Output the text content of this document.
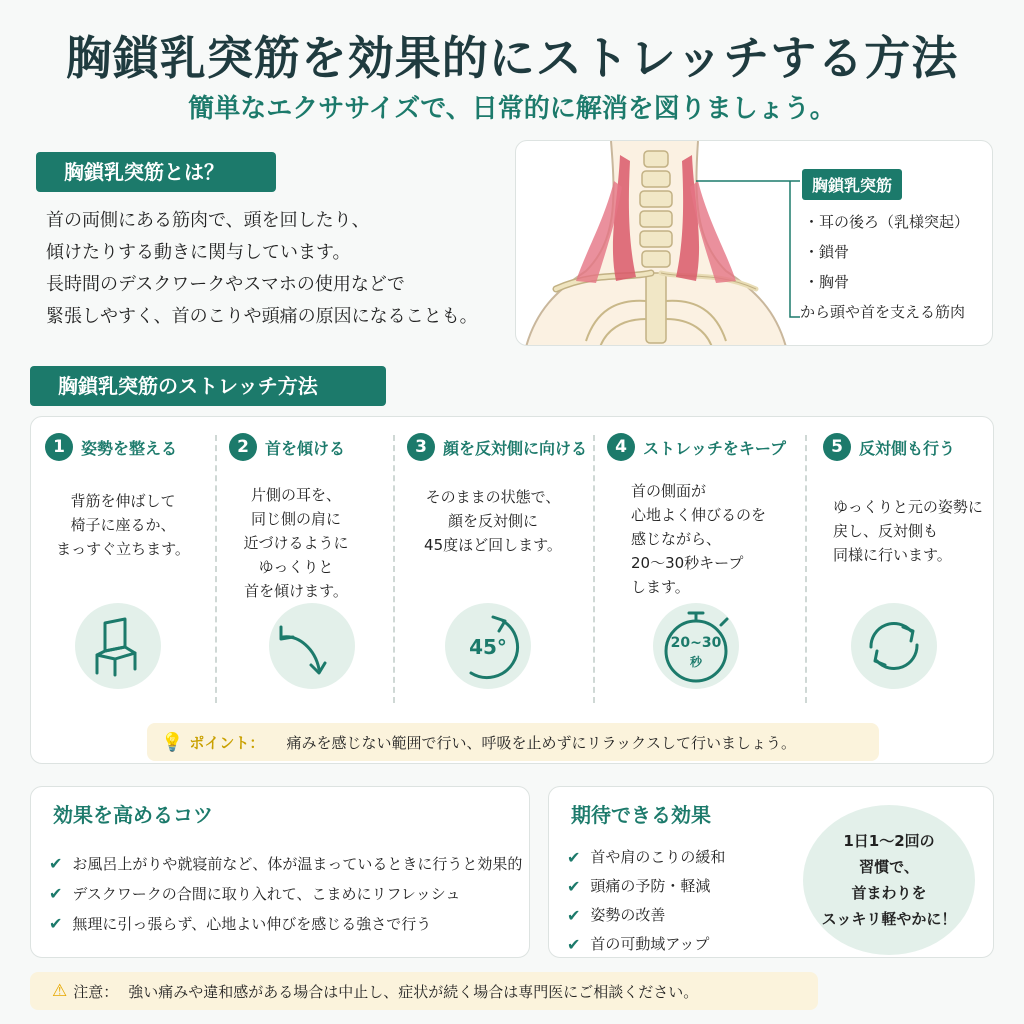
胸鎖乳突筋を効果的にストレッチする方法
簡単なエクササイズで、日常的に解消を図りましょう。
胸鎖乳突筋とは？
首の両側にある筋肉で、頭を回したり、
傾けたりする動きに関与しています。
長時間のデスクワークやスマホの使用などで
緊張しやすく、首のこりや頭痛の原因になることも。
胸鎖乳突筋
・耳の後ろ（乳様突起）
・鎖骨
・胸骨
から頭や首を支える筋肉
胸鎖乳突筋のストレッチ方法
1	姿勢を整える
背筋を伸ばして
椅子に座るか、
まっすぐ立ちます。
2	首を傾ける
片側の耳を、
同じ側の肩に
近づけるように
ゆっくりと
首を傾けます。
3	顔を反対側に向ける
そのままの状態で、
顔を反対側に
45度ほど回します。
45°
4	ストレッチをキープ
首の側面が
心地よく伸びるのを
感じながら、
20〜30秒キープ
します。
20~30
秒
5	反対側も行う
ゆっくりと元の姿勢に
戻し、反対側も
同様に行います。
💡 ポイント： 痛みを感じない範囲で行い、呼吸を止めずにリラックスして行いましょう。
効果を高めるコツ
✔ お風呂上がりや就寝前など、体が温まっているときに行うと効果的
✔ デスクワークの合間に取り入れて、こまめにリフレッシュ
✔ 無理に引っ張らず、心地よい伸びを感じる強さで行う
期待できる効果
✔ 首や肩のこりの緩和
✔ 頭痛の予防・軽減
✔ 姿勢の改善
✔ 首の可動域アップ
1日1〜2回の
習慣で、
首まわりを
スッキリ軽やかに！
⚠ 注意： 強い痛みや違和感がある場合は中止し、症状が続く場合は専門医にご相談ください。
